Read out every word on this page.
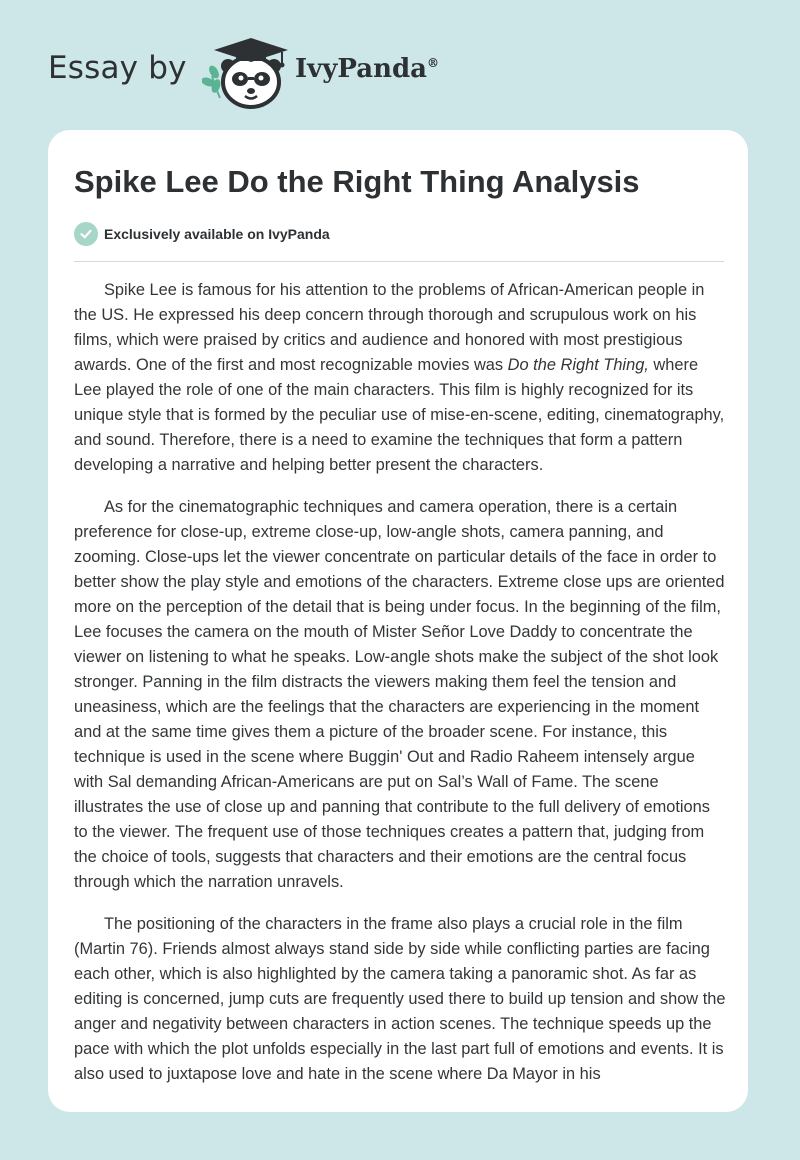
Essay by	IvyPanda®
Spike Lee Do the Right Thing Analysis
Exclusively available on IvyPanda

Spike Lee is famous for his attention to the problems of African-American people in the US. He expressed his deep concern through thorough and scrupulous work on his films, which were praised by critics and audience and honored with most prestigious awards. One of the first and most recognizable movies was Do the Right Thing, where Lee played the role of one of the main characters. This film is highly recognized for its unique style that is formed by the peculiar use of mise-en-scene, editing, cinematography, and sound. Therefore, there is a need to examine the techniques that form a pattern developing a narrative and helping better present the characters.

As for the cinematographic techniques and camera operation, there is a certain preference for close-up, extreme close-up, low-angle shots, camera panning, and zooming. Close-ups let the viewer concentrate on particular details of the face in order to better show the play style and emotions of the characters. Extreme close ups are oriented more on the perception of the detail that is being under focus. In the beginning of the film, Lee focuses the camera on the mouth of Mister Señor Love Daddy to concentrate the viewer on listening to what he speaks. Low-angle shots make the subject of the shot look stronger. Panning in the film distracts the viewers making them feel the tension and uneasiness, which are the feelings that the characters are experiencing in the moment and at the same time gives them a picture of the broader scene. For instance, this technique is used in the scene where Buggin' Out and Radio Raheem intensely argue with Sal demanding African-Americans are put on Sal’s Wall of Fame. The scene illustrates the use of close up and panning that contribute to the full delivery of emotions to the viewer. The frequent use of those techniques creates a pattern that, judging from the choice of tools, suggests that characters and their emotions are the central focus through which the narration unravels.

The positioning of the characters in the frame also plays a crucial role in the film (Martin 76). Friends almost always stand side by side while conflicting parties are facing each other, which is also highlighted by the camera taking a panoramic shot. As far as editing is concerned, jump cuts are frequently used there to build up tension and show the anger and negativity between characters in action scenes. The technique speeds up the pace with which the plot unfolds especially in the last part full of emotions and events. It is also used to juxtapose love and hate in the scene where Da Mayor in his
